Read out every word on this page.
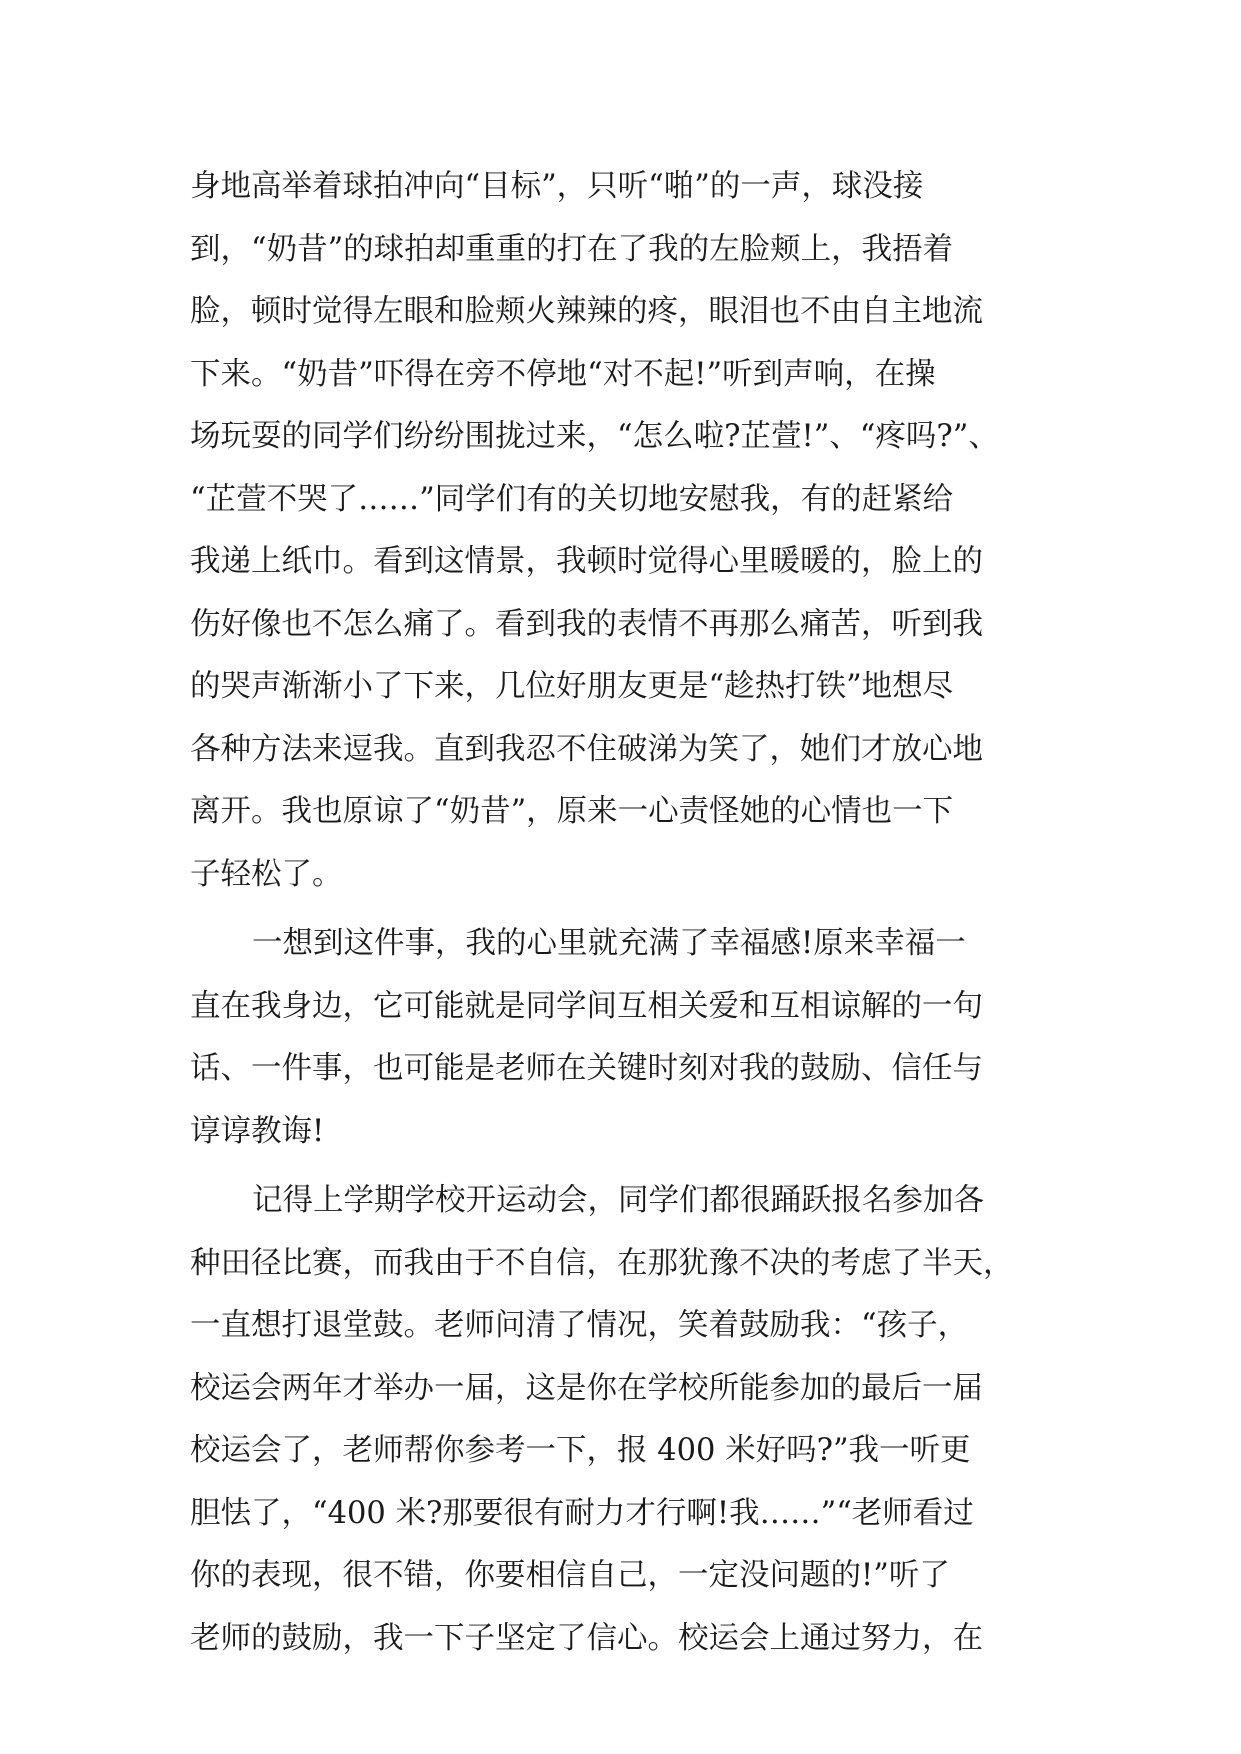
身地高举着球拍冲向“目标”，只听“啪”的一声，球没接
到，“奶昔”的球拍却重重的打在了我的左脸颊上，我捂着
脸，顿时觉得左眼和脸颊火辣辣的疼，眼泪也不由自主地流
下来。“奶昔”吓得在旁不停地“对不起!”听到声响，在操
场玩耍的同学们纷纷围拢过来，“怎么啦?芷萱!”、“疼吗?”、
“芷萱不哭了……”同学们有的关切地安慰我，有的赶紧给
我递上纸巾。看到这情景，我顿时觉得心里暖暖的，脸上的
伤好像也不怎么痛了。看到我的表情不再那么痛苦，听到我
的哭声渐渐小了下来，几位好朋友更是“趁热打铁”地想尽
各种方法来逗我。直到我忍不住破涕为笑了，她们才放心地
离开。我也原谅了“奶昔”，原来一心责怪她的心情也一下
子轻松了。
一想到这件事，我的心里就充满了幸福感!原来幸福一
直在我身边，它可能就是同学间互相关爱和互相谅解的一句
话、一件事，也可能是老师在关键时刻对我的鼓励、信任与
谆谆教诲!
记得上学期学校开运动会，同学们都很踊跃报名参加各
种田径比赛，而我由于不自信，在那犹豫不决的考虑了半天，
一直想打退堂鼓。老师问清了情况，笑着鼓励我：“孩子，
校运会两年才举办一届，这是你在学校所能参加的最后一届
校运会了，老师帮你参考一下，报 400 米好吗?”我一听更
胆怯了，“400 米?那要很有耐力才行啊!我……”“老师看过
你的表现，很不错，你要相信自己，一定没问题的!”听了
老师的鼓励，我一下子坚定了信心。校运会上通过努力，在
